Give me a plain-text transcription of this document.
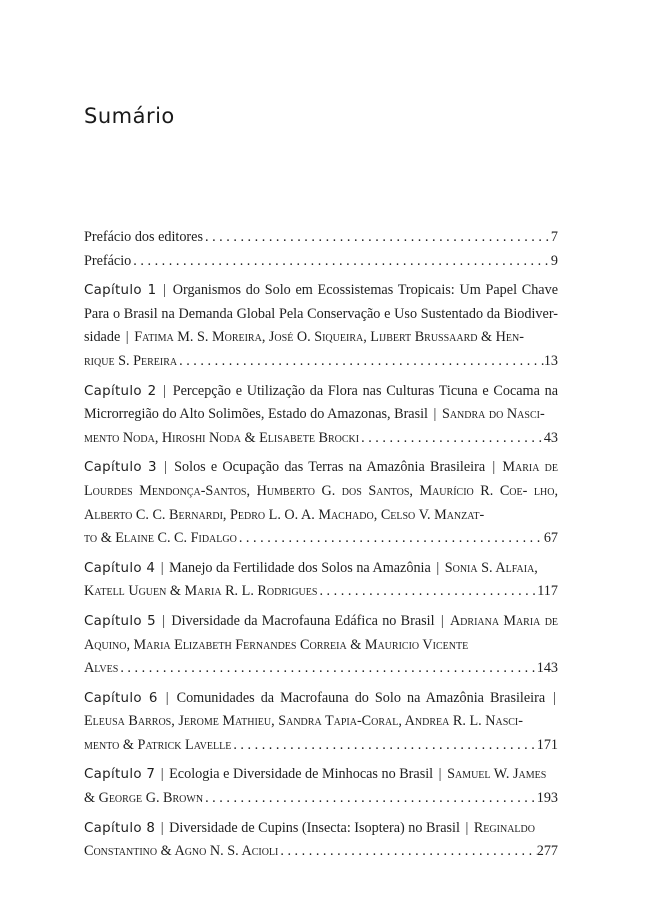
Sumário
Prefácio dos editores . . .	7
Prefácio . . .	9
Capítulo 1 | Organismos do Solo em Ecossistemas Tropicais: Um Papel Chave Para o Brasil na Demanda Global Pela Conservação e Uso Sustentado da Biodiver- sidade | Fatima M. S. Moreira, José O. Siqueira, Lijbert Brussaard & Hen-
rique S. Pereira . . .	13
Capítulo 2 | Percepção e Utilização da Flora nas Culturas Ticuna e Cocama na Microrregião do Alto Solimões, Estado do Amazonas, Brasil | Sandra do Nasci-
mento Noda, Hiroshi Noda & Elisabete Brocki . . .	43
Capítulo 3 | Solos e Ocupação das Terras na Amazônia Brasileira | Maria de Lourdes Mendonça-Santos, Humberto G. dos Santos, Maurício R. Coe- lho, Alberto C. C. Bernardi, Pedro L. O. A. Machado, Celso V. Manzat-
to & Elaine C. C. Fidalgo . . .	67
Capítulo 4 | Manejo da Fertilidade dos Solos na Amazônia | Sonia S. Alfaia,
Katell Uguen & Maria R. L. Rodrigues . . .	117
Capítulo 5 | Diversidade da Macrofauna Edáfica no Brasil | Adriana Maria de Aquino, Maria Elizabeth Fernandes Correia & Mauricio Vicente
Alves . . .	143
Capítulo 6 | Comunidades da Macrofauna do Solo na Amazônia Brasileira | Eleusa Barros, Jerome Mathieu, Sandra Tapia-Coral, Andrea R. L. Nasci-
mento & Patrick Lavelle . . .	171
Capítulo 7 | Ecologia e Diversidade de Minhocas no Brasil | Samuel W. James
& George G. Brown . . .	193
Capítulo 8 | Diversidade de Cupins (Insecta: Isoptera) no Brasil | Reginaldo
Constantino & Agno N. S. Acioli . . .	277
